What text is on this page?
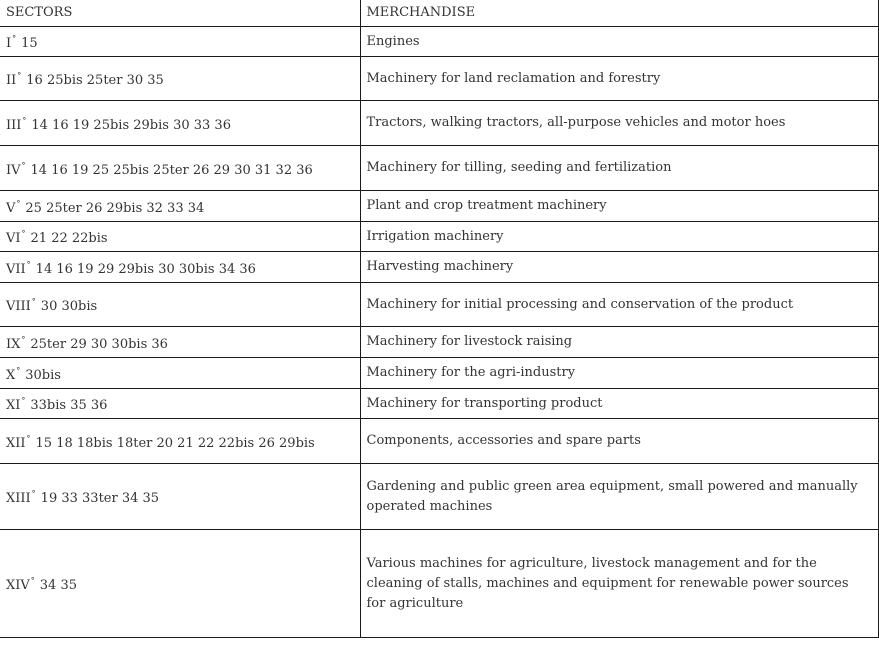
SECTORS	MERCHANDISE
I° 15	Engines
II° 16 25bis 25ter 30 35	Machinery for land reclamation and forestry
III° 14 16 19 25bis 29bis 30 33 36	Tractors, walking tractors, all-purpose vehicles and motor hoes
IV° 14 16 19 25 25bis 25ter 26 29 30 31 32 36	Machinery for tilling, seeding and fertilization
V° 25 25ter 26 29bis 32 33 34	Plant and crop treatment machinery
VI° 21 22 22bis	Irrigation machinery
VII° 14 16 19 29 29bis 30 30bis 34 36	Harvesting machinery
VIII° 30 30bis	Machinery for initial processing and conservation of the product
IX° 25ter 29 30 30bis 36	Machinery for livestock raising
X° 30bis	Machinery for the agri-industry
XI° 33bis 35 36	Machinery for transporting product
XII° 15 18 18bis 18ter 20 21 22 22bis 26 29bis	Components, accessories and spare parts
XIII° 19 33 33ter 34 35	Gardening and public green area equipment, small powered and manually operated machines
XIV° 34 35	Various machines for agriculture, livestock management and for the cleaning of stalls, machines and equipment for renewable power sources for agriculture
